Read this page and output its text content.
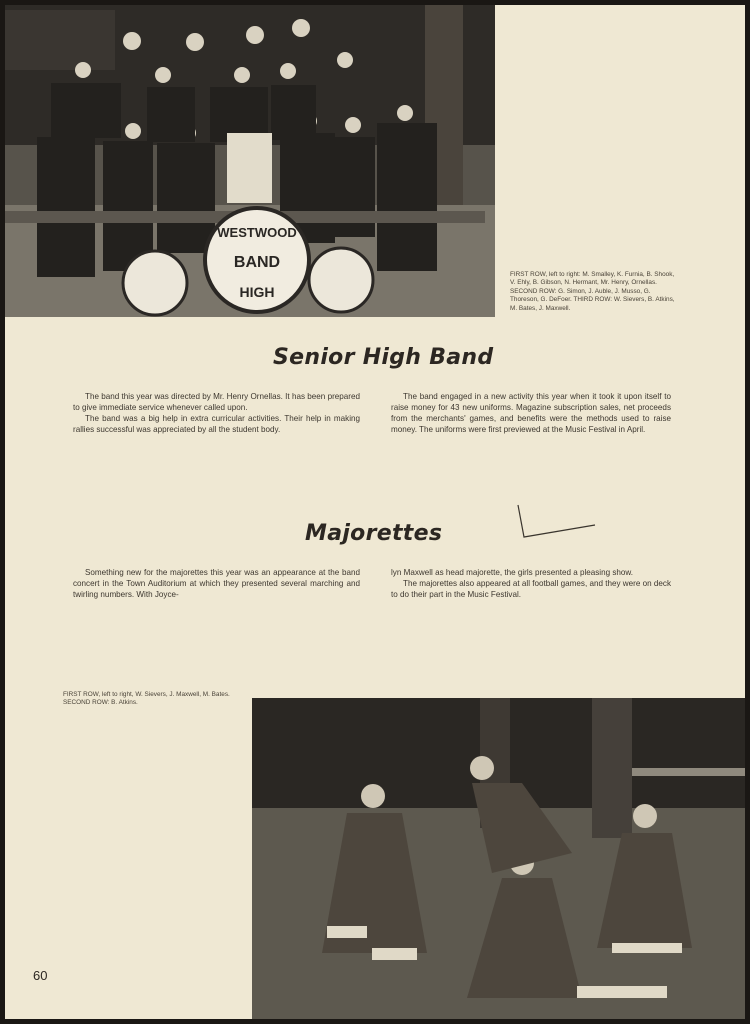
WESTWOOD
BAND
HIGH
FIRST ROW, left to right: M. Smalley, K. Furnia, B. Shook, V. Ehly, B. Gibson, N. Hermant, Mr. Henry, Ornellas. SECOND ROW: G. Simon, J. Auble, J. Musso, G. Thoreson, G. DeFoer. THIRD ROW: W. Sievers, B. Atkins, M. Bates, J. Maxwell.
Senior High Band

The band this year was directed by Mr. Henry Ornellas. It has been prepared to give immediate service whenever called upon.

The band was a big help in extra curricular activities. Their help in making rallies successful was appreciated by all the student body.

The band engaged in a new activity this year when it took it upon itself to raise money for 43 new uniforms. Magazine subscription sales, net proceeds from the merchants' games, and benefits were the methods used to raise money. The uniforms were first previewed at the Music Festival in April.

Majorettes

Something new for the majorettes this year was an appearance at the band concert in the Town Auditorium at which they presented several marching and twirling numbers. With Joyce-

lyn Maxwell as head majorette, the girls presented a pleasing show.

The majorettes also appeared at all football games, and they were on deck to do their part in the Music Festival.

FIRST ROW, left to right, W. Sievers, J. Maxwell, M. Bates. SECOND ROW: B. Atkins.
60
